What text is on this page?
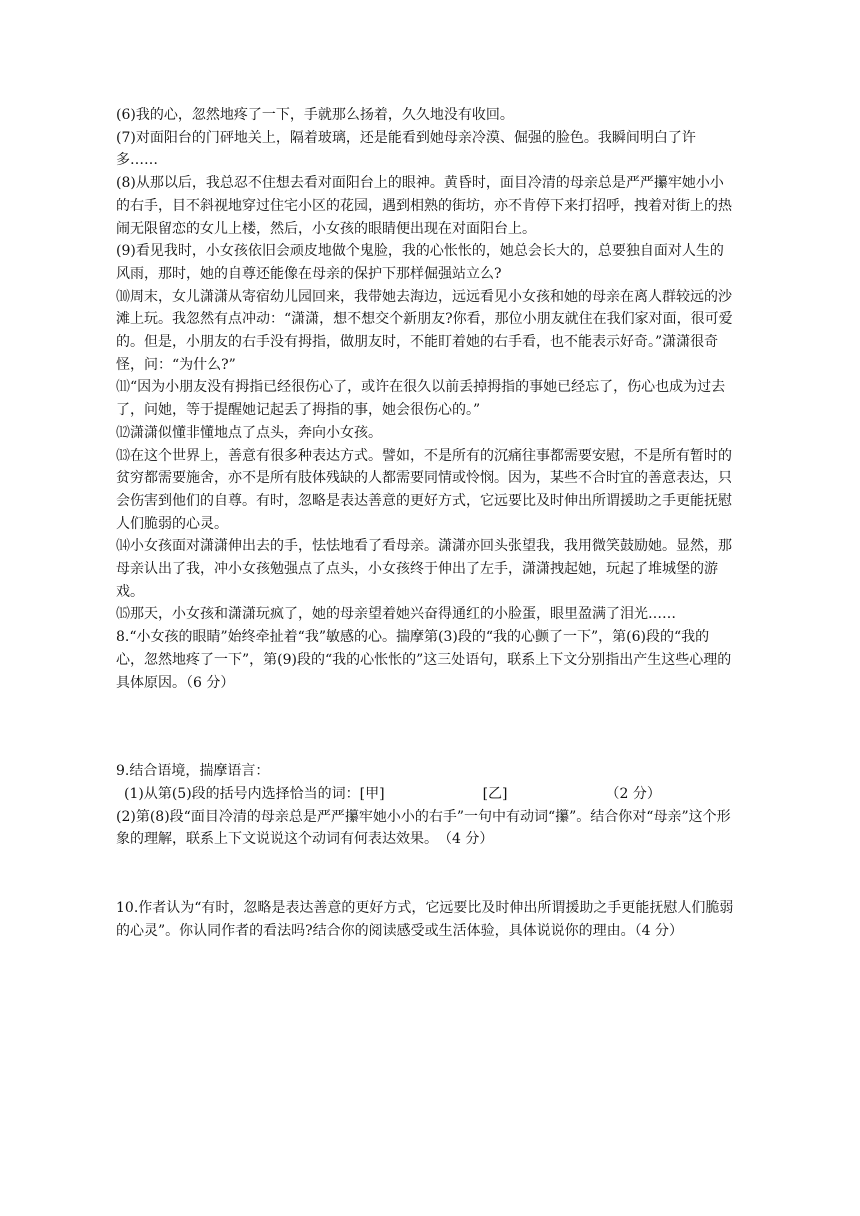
(6)我的心，忽然地疼了一下，手就那么扬着，久久地没有收回。

(7)对面阳台的门砰地关上，隔着玻璃，还是能看到她母亲冷漠、倔强的脸色。我瞬间明白了许多……

(8)从那以后，我总忍不住想去看对面阳台上的眼神。黄昏时，面目冷清的母亲总是严严攥牢她小小的右手，目不斜视地穿过住宅小区的花园，遇到相熟的街坊，亦不肯停下来打招呼，拽着对街上的热闹无限留恋的女儿上楼，然后，小女孩的眼睛便出现在对面阳台上。

(9)看见我时，小女孩依旧会顽皮地做个鬼脸，我的心怅怅的，她总会长大的，总要独自面对人生的风雨，那时，她的自尊还能像在母亲的保护下那样倔强站立么?

⑽周末，女儿潇潇从寄宿幼儿园回来，我带她去海边，远远看见小女孩和她的母亲在离人群较远的沙滩上玩。我忽然有点冲动：“潇潇，想不想交个新朋友?你看，那位小朋友就住在我们家对面，很可爱的。但是，小朋友的右手没有拇指，做朋友时，不能盯着她的右手看，也不能表示好奇。”潇潇很奇怪，问：“为什么?”

⑾“因为小朋友没有拇指已经很伤心了，或许在很久以前丢掉拇指的事她已经忘了，伤心也成为过去了，问她，等于提醒她记起丢了拇指的事，她会很伤心的。”

⑿潇潇似懂非懂地点了点头，奔向小女孩。

⒀在这个世界上，善意有很多种表达方式。譬如，不是所有的沉痛往事都需要安慰，不是所有暂时的贫穷都需要施舍，亦不是所有肢体残缺的人都需要同情或怜悯。因为，某些不合时宜的善意表达，只会伤害到他们的自尊。有时，忽略是表达善意的更好方式，它远要比及时伸出所谓援助之手更能抚慰人们脆弱的心灵。

⒁小女孩面对潇潇伸出去的手，怯怯地看了看母亲。潇潇亦回头张望我，我用微笑鼓励她。显然，那母亲认出了我，冲小女孩勉强点了点头，小女孩终于伸出了左手，潇潇拽起她，玩起了堆城堡的游戏。

⒂那天，小女孩和潇潇玩疯了，她的母亲望着她兴奋得通红的小脸蛋，眼里盈满了泪光……

8.“小女孩的眼睛”始终牵扯着“我”敏感的心。揣摩第(3)段的“我的心颤了一下”，第(6)段的“我的心，忽然地疼了一下”，第(9)段的“我的心怅怅的”这三处语句，联系上下文分别指出产生这些心理的具体原因。（6 分）

9.结合语境，揣摩语言：

(1)从第(5)段的括号内选择恰当的词：[甲]	[乙]	（2 分）

(2)第(8)段“面目冷清的母亲总是严严攥牢她小小的右手”一句中有动词“攥”。结合你对“母亲”这个形象的理解，联系上下文说说这个动词有何表达效果。　（4 分）

10.作者认为“有时，忽略是表达善意的更好方式，它远要比及时伸出所谓援助之手更能抚慰人们脆弱的心灵”。你认同作者的看法吗?结合你的阅读感受或生活体验，具体说说你的理由。（4 分）
